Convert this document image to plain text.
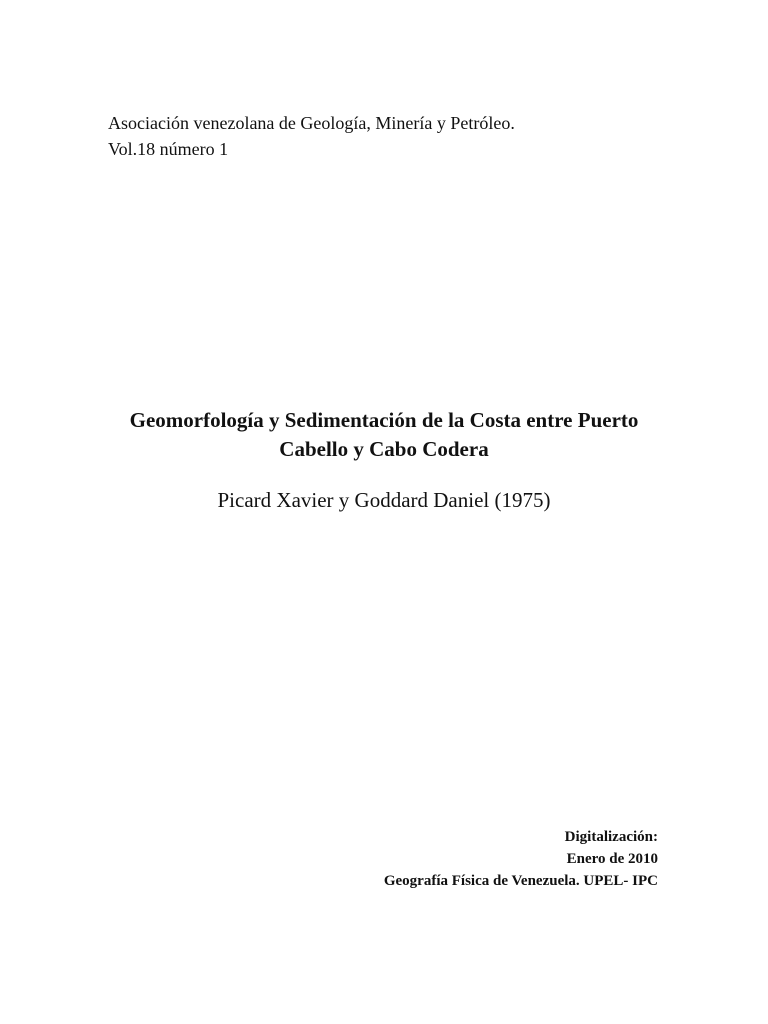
Asociación venezolana de Geología, Minería y Petróleo.
Vol.18 número 1
Geomorfología y Sedimentación de la Costa entre Puerto
Cabello y Cabo Codera
Picard Xavier y Goddard Daniel (1975)
Digitalización:
Enero de 2010
Geografía Física de Venezuela. UPEL- IPC
